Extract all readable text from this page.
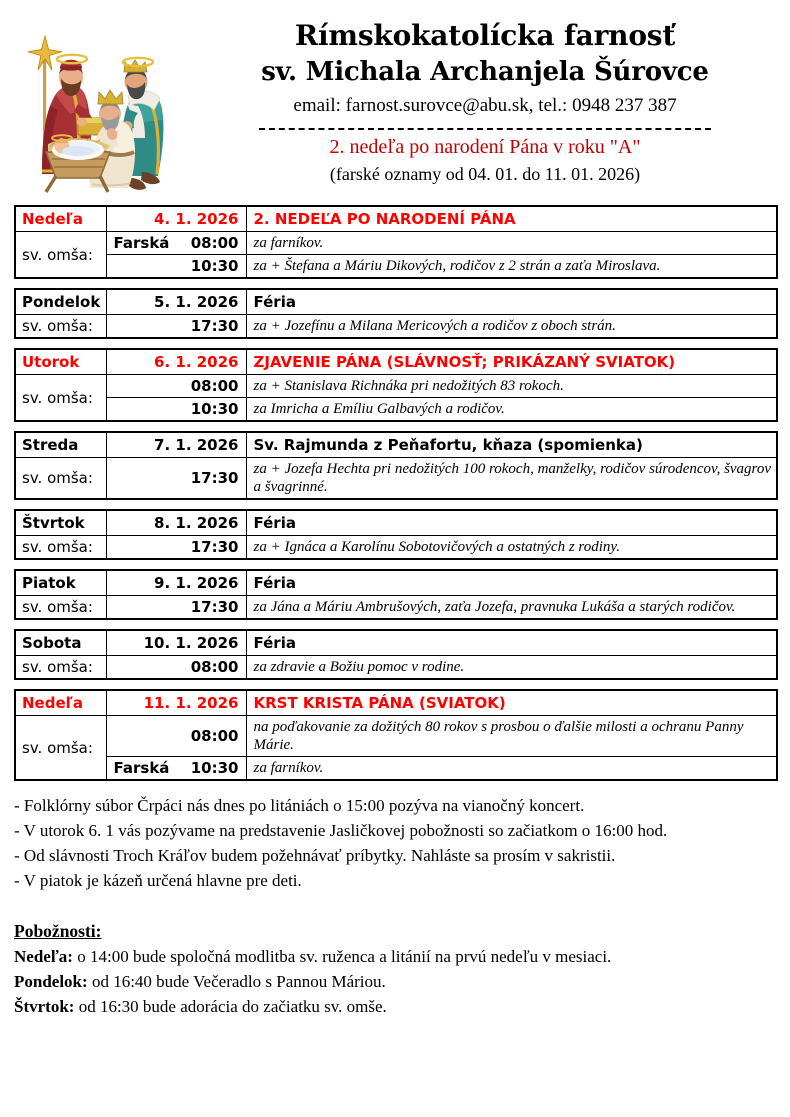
Rímskokatolícka farnosť
sv. Michala Archanjela Šúrovce
email: farnost.surovce@abu.sk, tel.: 0948 237 387
2. nedeľa po narodení Pána v roku "A"
(farské oznamy od 04. 01. do 11. 01. 2026)
Nedeľa	4. 1. 2026		2. NEDEĽA PO NARODENÍ PÁNA
sv. omša:	Farská	08:00	za farníkov.
		10:30	za + Štefana a Máriu Dikových, rodičov z 2 strán a zaťa Miroslava.
Pondelok	5. 1. 2026		Féria
sv. omša:		17:30	za + Jozefínu a Milana Mericových a rodičov z oboch strán.
Utorok	6. 1. 2026		ZJAVENIE PÁNA (SLÁVNOSŤ; PRIKÁZANÝ SVIATOK)
sv. omša:		08:00	za + Stanislava Richnáka pri nedožitých 83 rokoch.
		10:30	za Imricha a Emíliu Galbavých a rodičov.
Streda	7. 1. 2026		Sv. Rajmunda z Peňafortu, kňaza (spomienka)
sv. omša:		17:30	za + Jozefa Hechta pri nedožitých 100 rokoch, manželky, rodičov súrodencov, švagrov a švagrinné.
Štvrtok	8. 1. 2026		Féria
sv. omša:		17:30	za + Ignáca a Karolínu Sobotovičových a ostatných z rodiny.
Piatok	9. 1. 2026		Féria
sv. omša:		17:30	za Jána a Máriu Ambrušových, zaťa Jozefa, pravnuka Lukáša a starých rodičov.
Sobota	10. 1. 2026		Féria
sv. omša:		08:00	za zdravie a Božiu pomoc v rodine.
Nedeľa	11. 1. 2026		KRST KRISTA PÁNA (SVIATOK)
sv. omša:		08:00	na poďakovanie za dožitých 80 rokov s prosbou o ďalšie milosti a ochranu Panny Márie.
	Farská	10:30	za farníkov.
- Folklórny súbor Črpáci nás dnes po litániách o 15:00 pozýva na vianočný koncert.
- V utorok 6. 1 vás pozývame na predstavenie Jasličkovej pobožnosti so začiatkom o 16:00 hod.
- Od slávnosti Troch Kráľov budem požehnávať príbytky. Nahláste sa prosím v sakristii.
- V piatok je kázeň určená hlavne pre deti.
Pobožnosti:
Nedeľa: o 14:00 bude spoločná modlitba sv. ruženca a litánií na prvú nedeľu v mesiaci.
Pondelok: od 16:40 bude Večeradlo s Pannou Máriou.
Štvrtok: od 16:30 bude adorácia do začiatku sv. omše.
